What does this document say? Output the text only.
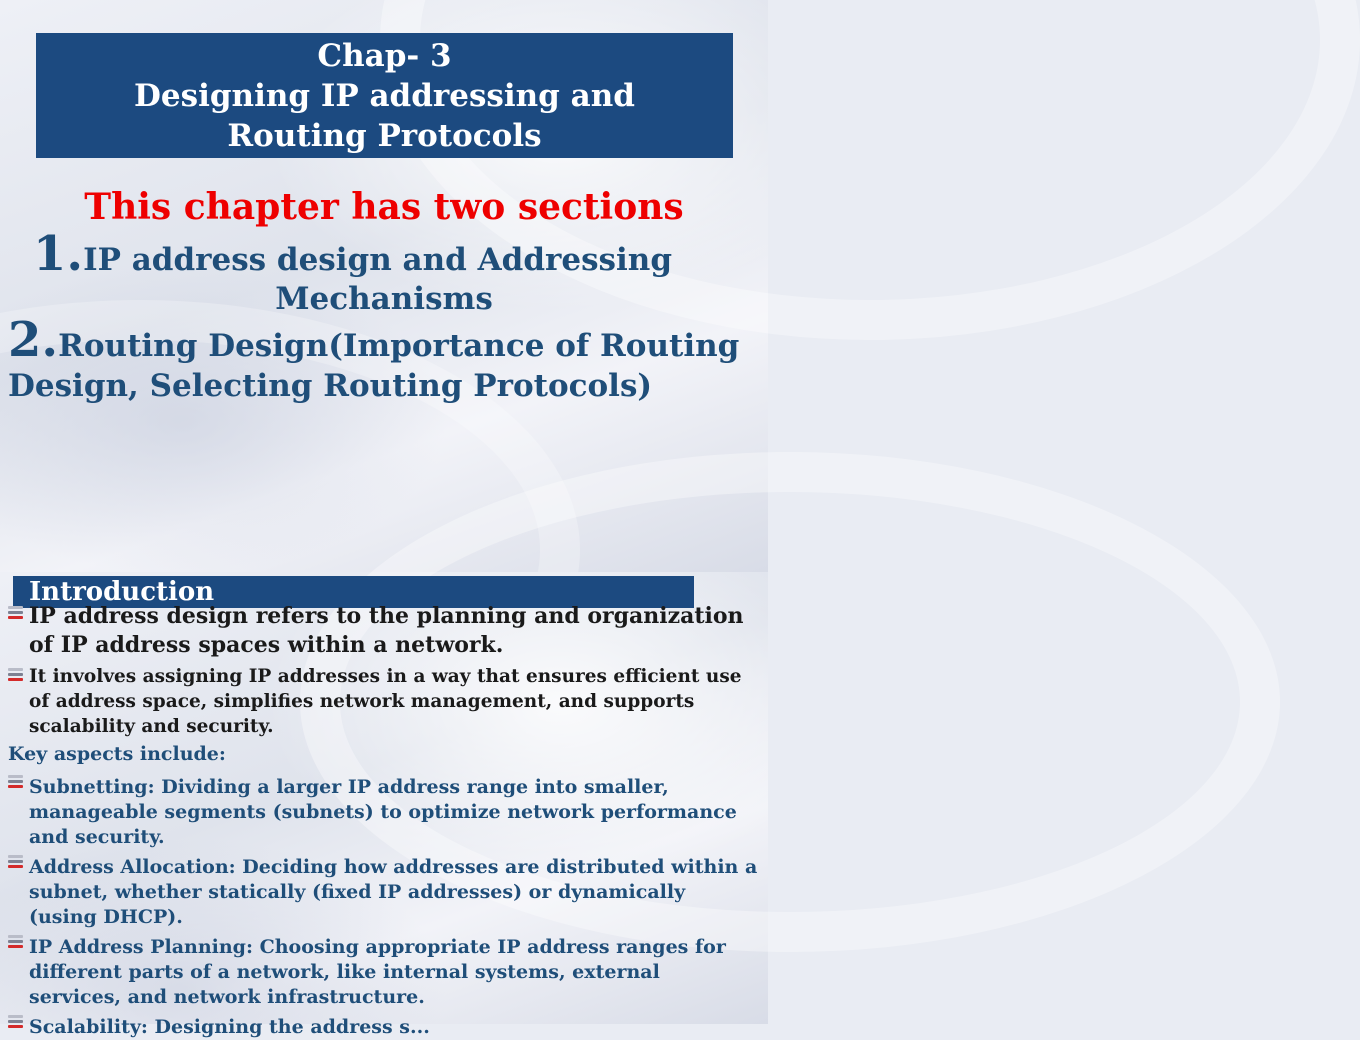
Chap- 3
Designing IP addressing and
Routing Protocols
This chapter has two sections
1.IP address design and Addressing
Mechanisms
2.Routing Design(Importance of Routing Design, Selecting Routing Protocols)
Introduction
IP address design refers to the planning and organization of IP address spaces within a network.
It involves assigning IP addresses in a way that ensures efficient use of address space, simplifies network management, and supports scalability and security.
Key aspects include:
Subnetting: Dividing a larger IP address range into smaller, manageable segments (subnets) to optimize network performance and security.
Address Allocation: Deciding how addresses are distributed within a subnet, whether statically (fixed IP addresses) or dynamically (using DHCP).
IP Address Planning: Choosing appropriate IP address ranges for different parts of a network, like internal systems, external services, and network infrastructure.
Scalability: Designing the address s...
